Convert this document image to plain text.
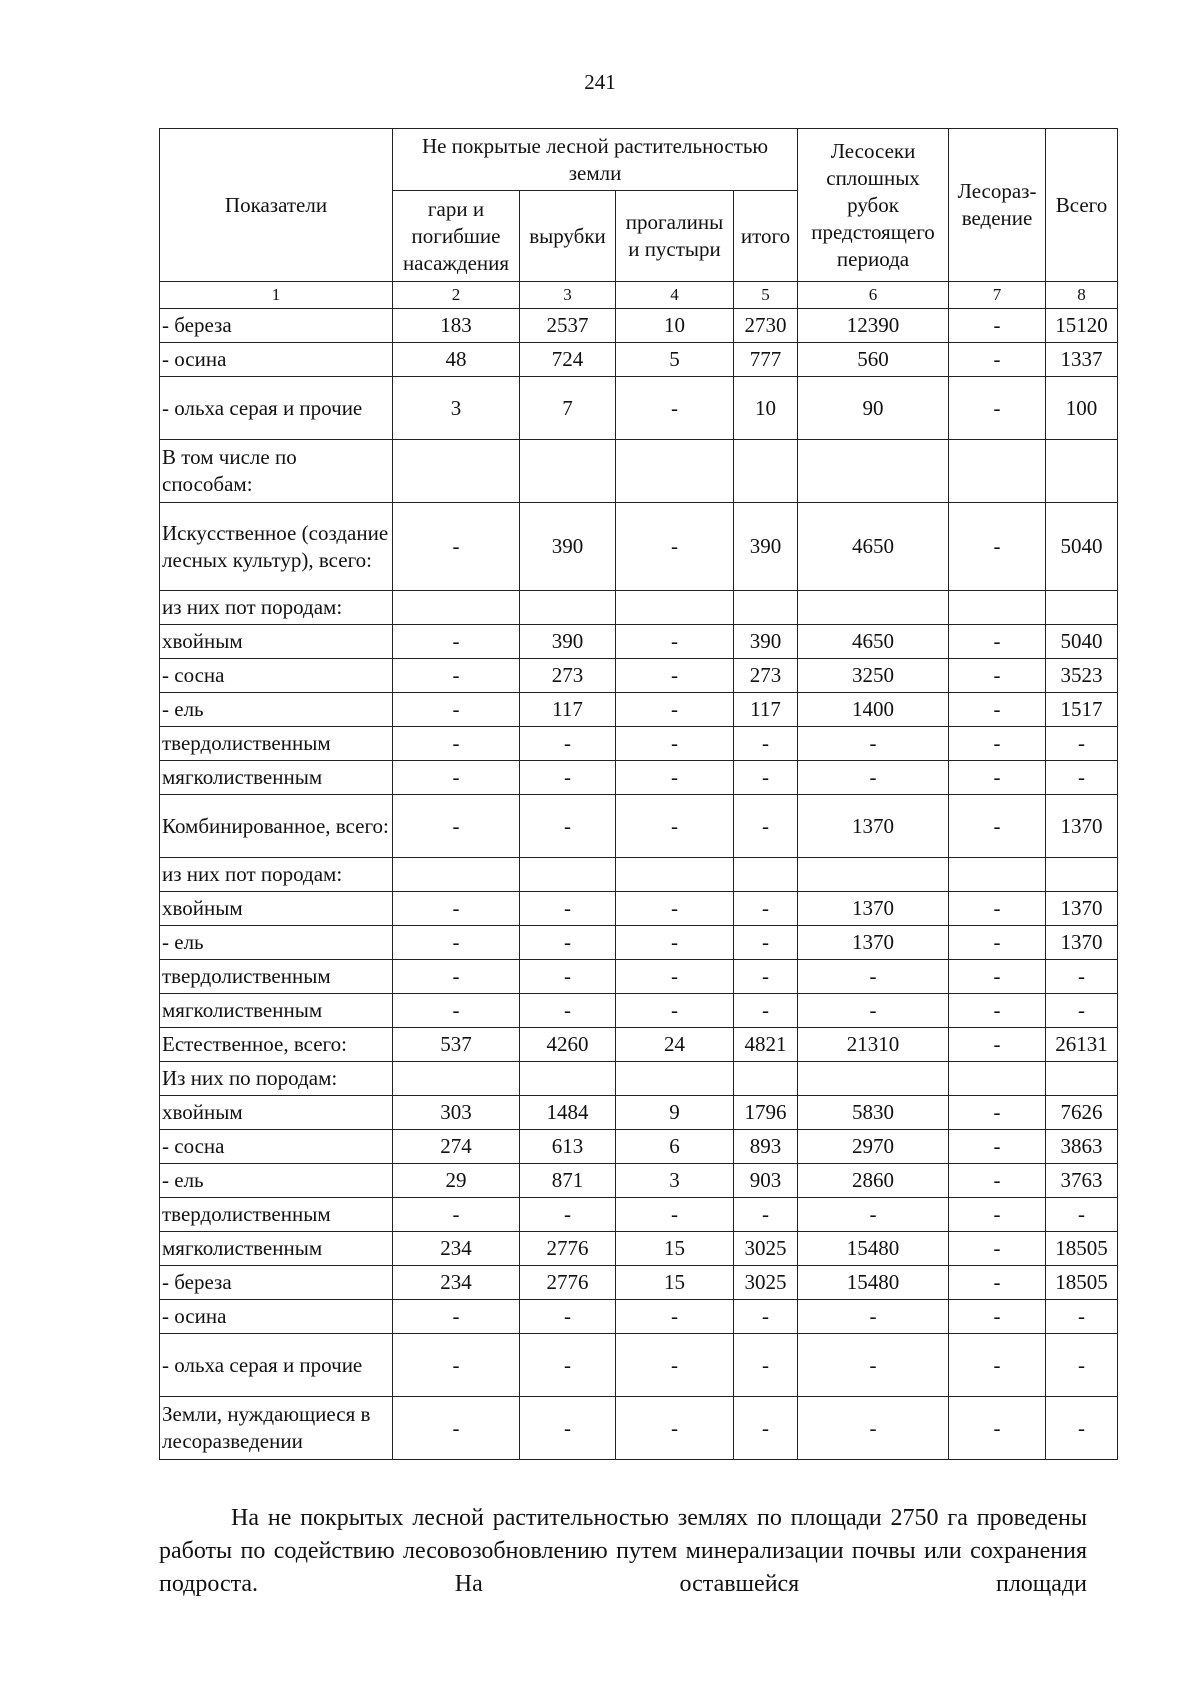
241
Показатели	Не покрытые лесной растительностью земли				Лесосеки сплошных рубок предстоящего периода	Лесораз-ведение	Всего
	гари и погибшие насаждения	вырубки	прогалины и пустыри	итого			
1	2	3	4	5	6	7	8
- береза	183	2537	10	2730	12390	-	15120
- осина	48	724	5	777	560	-	1337
- ольха серая и прочие	3	7	-	10	90	-	100
В том числе по способам:							
Искусственное (создание лесных культур), всего:	-	390	-	390	4650	-	5040
из них пот породам:							
хвойным	-	390	-	390	4650	-	5040
- сосна	-	273	-	273	3250	-	3523
- ель	-	117	-	117	1400	-	1517
твердолиственным	-	-	-	-	-	-	-
мягколиственным	-	-	-	-	-	-	-
Комбинированное, всего:	-	-	-	-	1370	-	1370
из них пот породам:							
хвойным	-	-	-	-	1370	-	1370
- ель	-	-	-	-	1370	-	1370
твердолиственным	-	-	-	-	-	-	-
мягколиственным	-	-	-	-	-	-	-
Естественное, всего:	537	4260	24	4821	21310	-	26131
Из них по породам:							
хвойным	303	1484	9	1796	5830	-	7626
- сосна	274	613	6	893	2970	-	3863
- ель	29	871	3	903	2860	-	3763
твердолиственным	-	-	-	-	-	-	-
мягколиственным	234	2776	15	3025	15480	-	18505
- береза	234	2776	15	3025	15480	-	18505
- осина	-	-	-	-	-	-	-
- ольха серая и прочие	-	-	-	-	-	-	-
Земли, нуждающиеся в лесоразведении	-	-	-	-	-	-	-

На не покрытых лесной растительностью землях по площади 2750 га проведены работы по содействию лесовозобновлению путем минерализации почвы или сохранения подроста. На оставшейся площади
